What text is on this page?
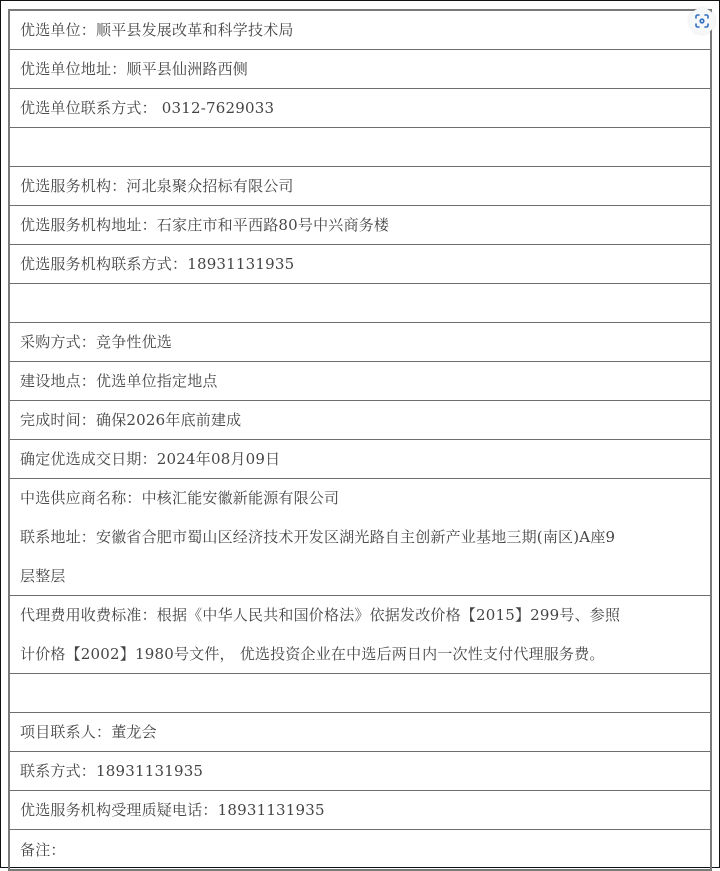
优选单位：顺平县发展改革和科学技术局
优选单位地址：顺平县仙洲路西侧
优选单位联系方式： 0312-7629033
优选服务机构：河北泉聚众招标有限公司
优选服务机构地址：石家庄市和平西路80号中兴商务楼
优选服务机构联系方式：18931131935
采购方式：竞争性优选
建设地点：优选单位指定地点
完成时间：确保2026年底前建成
确定优选成交日期：2024年08月09日
中选供应商名称：中核汇能安徽新能源有限公司
联系地址：安徽省合肥市蜀山区经济技术开发区湖光路自主创新产业基地三期(南区)A座9
层整层
代理费用收费标准：根据《中华人民共和国价格法》依据发改价格【2015】299号、参照
计价格【2002】1980号文件， 优选投资企业在中选后两日内一次性支付代理服务费。
项目联系人：董龙会
联系方式：18931131935
优选服务机构受理质疑电话：18931131935
备注：
